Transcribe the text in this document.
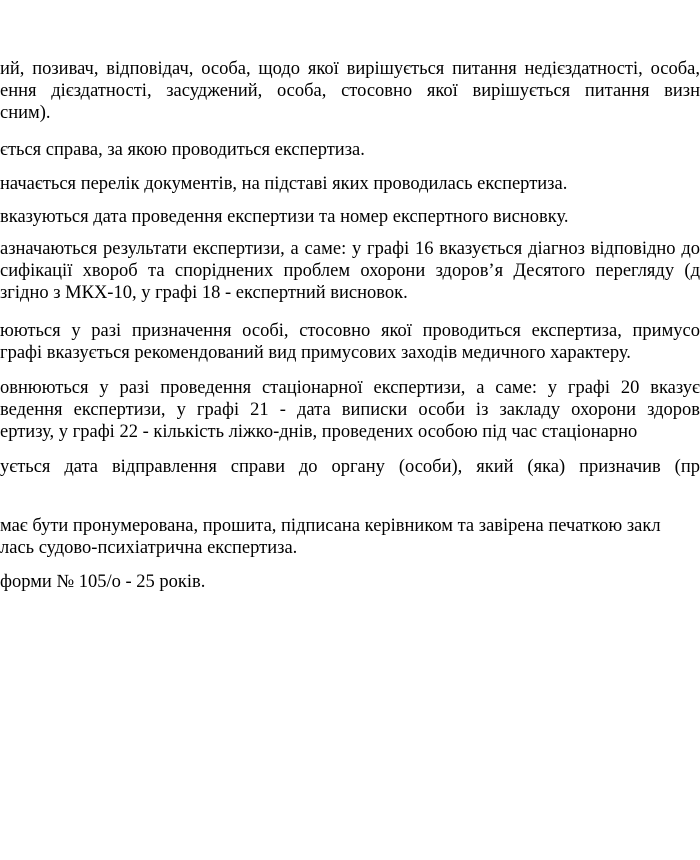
ий, позивач, відповідач, особа, щодо якої вирішується питання недієздатності, особа,
ення дієздатності, засуджений, особа, стосовно якої вирішується питання визн
сним).
ється справа, за якою проводиться експертиза.
начається перелік документів, на підставі яких проводилась експертиза.
вказуються дата проведення експертизи та номер експертного висновку.
азначаються результати експертизи, а саме: у графі 16 вказується діагноз відповідно до
сифікації хвороб та споріднених проблем охорони здоров’я Десятого перегляду (д
згідно з МКХ-10, у графі 18 - експертний висновок.
юються у разі призначення особі, стосовно якої проводиться експертиза, примусо
графі вказується рекомендований вид примусових заходів медичного характеру.
овнюються у разі проведення стаціонарної експертизи, а саме: у графі 20 вказує
ведення експертизи, у графі 21 - дата виписки особи із закладу охорони здоров
ертизу, у графі 22 - кількість ліжко-днів, проведених особою під час стаціонарно
ується дата відправлення справи до органу (особи), який (яка) призначив (пр
має бути пронумерована, прошита, підписана керівником та завірена печаткою закл
лась судово-психіатрична експертиза.
форми № 105/о - 25 років.
